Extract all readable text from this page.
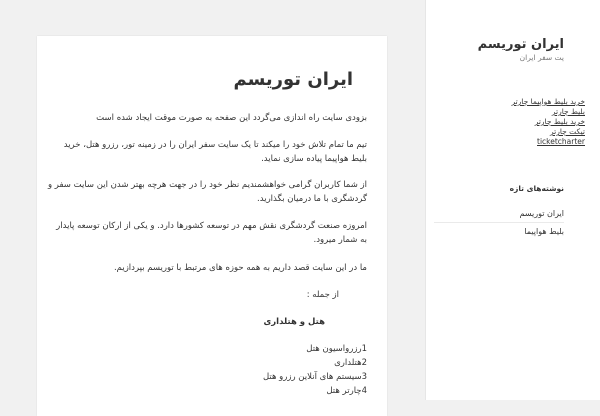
ایران توریسم
بزودی سایت راه اندازی می‌گردد این صفحه به صورت موقت ایجاد شده است
تیم ما تمام تلاش خود را میکند تا یک سایت سفر ایران را در زمینه تور، رزرو هتل، خرید بلیط هواپیما پیاده سازی نماید.
از شما کاربران گرامی خواهشمندیم نظر خود را در جهت هرچه بهتر شدن این سایت سفر و گردشگری با ما درمیان بگذارید.
امروزه صنعت گردشگری نقش مهم در توسعه کشورها دارد. و یکی از ارکان توسعه پایدار به شمار میرود.
ما در این سایت قصد داریم به همه حوزه های مرتبط با توریسم بپردازیم.
از جمله :
هتل و هتلداری
1رزرواسیون هتل
2هتلداری
3سیستم های آنلاین رزرو هتل
4چارتر هتل
ایران توریسم
یت سفر ایران
خرید بلیط هواپیما چارتر
بلیط چارتر
خرید بلیط چارتر
تیکت چارتر
ticketcharter
نوشته‌های تازه
ایران توریسم
بلیط هواپیما
